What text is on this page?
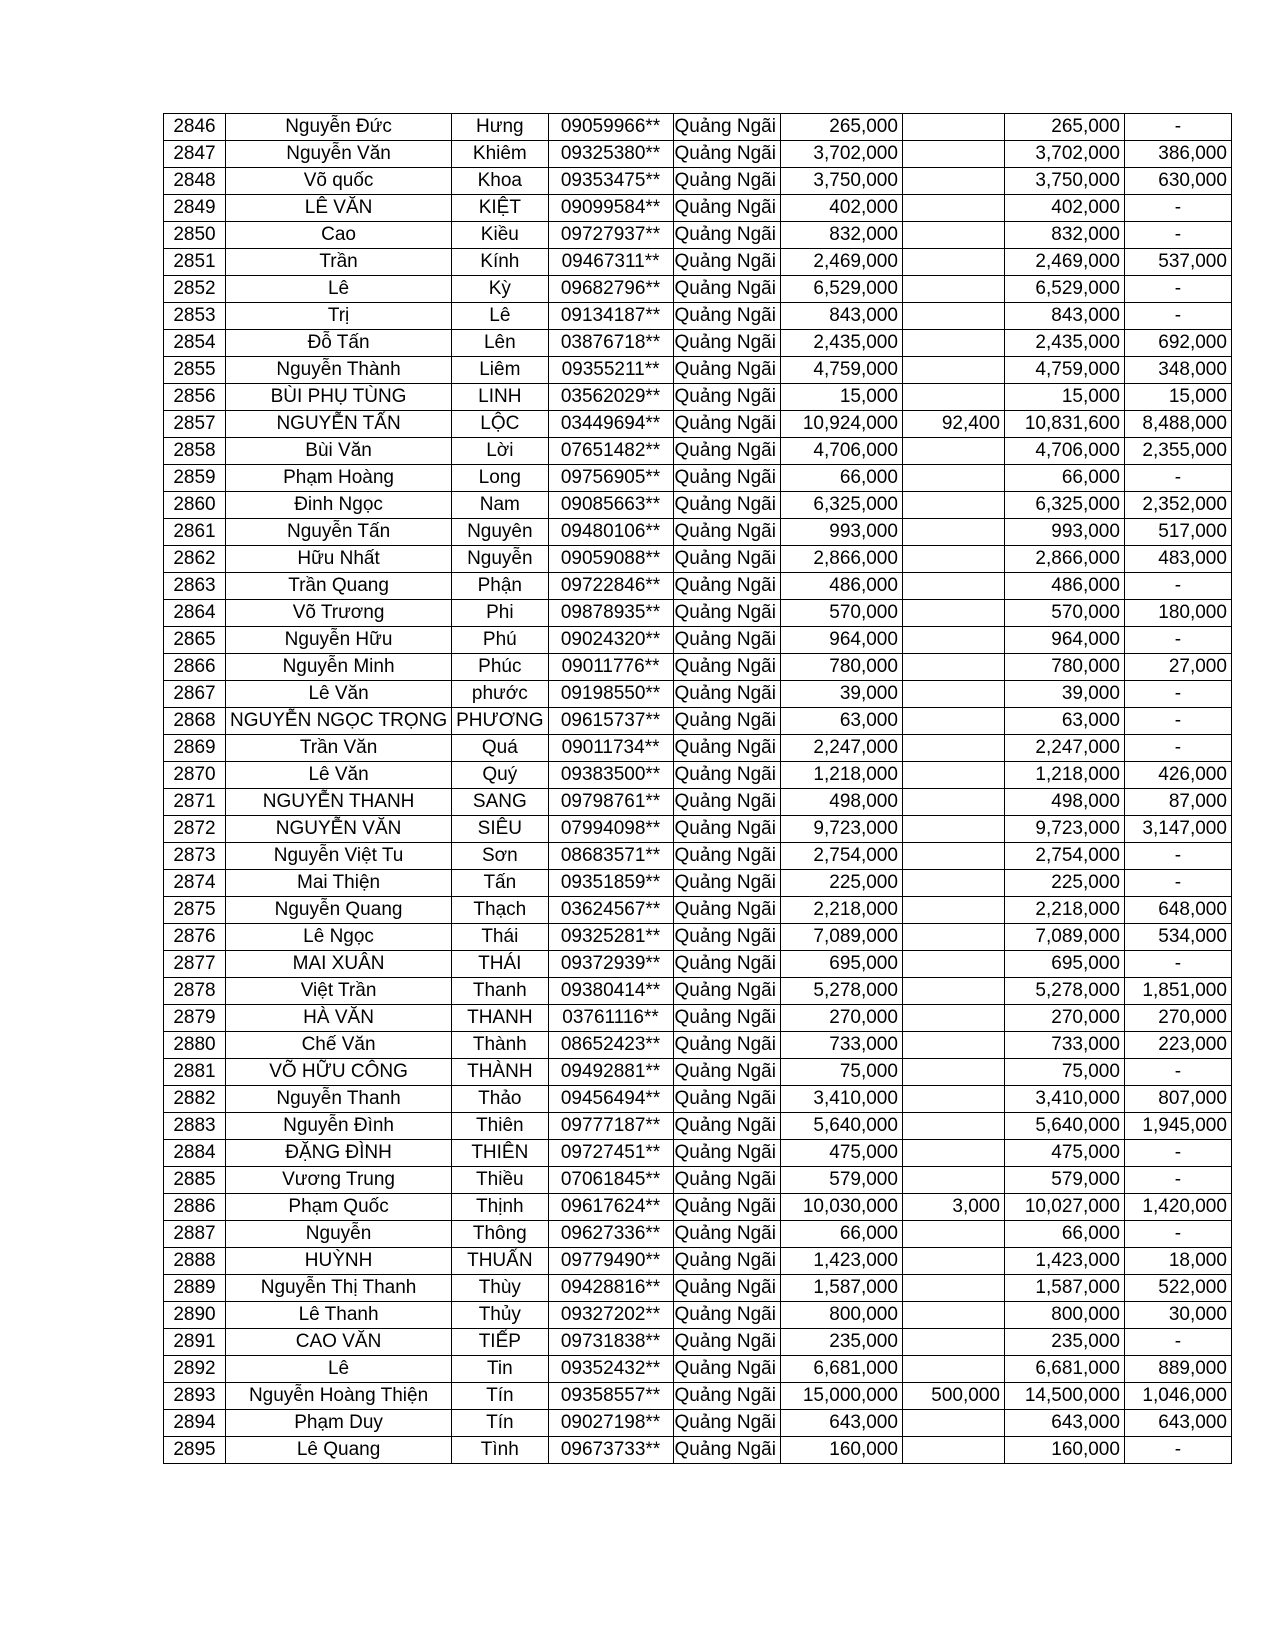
2846	Nguyễn Đức	Hưng	09059966**	Quảng Ngãi	265,000		265,000	-
2847	Nguyễn Văn	Khiêm	09325380**	Quảng Ngãi	3,702,000		3,702,000	386,000
2848	Võ quốc	Khoa	09353475**	Quảng Ngãi	3,750,000		3,750,000	630,000
2849	LÊ VĂN	KIỆT	09099584**	Quảng Ngãi	402,000		402,000	-
2850	Cao	Kiều	09727937**	Quảng Ngãi	832,000		832,000	-
2851	Trần	Kính	09467311**	Quảng Ngãi	2,469,000		2,469,000	537,000
2852	Lê	Kỳ	09682796**	Quảng Ngãi	6,529,000		6,529,000	-
2853	Trị	Lê	09134187**	Quảng Ngãi	843,000		843,000	-
2854	Đỗ Tấn	Lên	03876718**	Quảng Ngãi	2,435,000		2,435,000	692,000
2855	Nguyễn Thành	Liêm	09355211**	Quảng Ngãi	4,759,000		4,759,000	348,000
2856	BÙI PHỤ TÙNG	LINH	03562029**	Quảng Ngãi	15,000		15,000	15,000
2857	NGUYỄN TẤN	LỘC	03449694**	Quảng Ngãi	10,924,000	92,400	10,831,600	8,488,000
2858	Bùi Văn	Lời	07651482**	Quảng Ngãi	4,706,000		4,706,000	2,355,000
2859	Phạm Hoàng	Long	09756905**	Quảng Ngãi	66,000		66,000	-
2860	Đinh Ngọc	Nam	09085663**	Quảng Ngãi	6,325,000		6,325,000	2,352,000
2861	Nguyễn Tấn	Nguyên	09480106**	Quảng Ngãi	993,000		993,000	517,000
2862	Hữu Nhất	Nguyễn	09059088**	Quảng Ngãi	2,866,000		2,866,000	483,000
2863	Trần Quang	Phận	09722846**	Quảng Ngãi	486,000		486,000	-
2864	Võ Trương	Phi	09878935**	Quảng Ngãi	570,000		570,000	180,000
2865	Nguyễn Hữu	Phú	09024320**	Quảng Ngãi	964,000		964,000	-
2866	Nguyễn Minh	Phúc	09011776**	Quảng Ngãi	780,000		780,000	27,000
2867	Lê Văn	phước	09198550**	Quảng Ngãi	39,000		39,000	-
2868	NGUYỄN NGỌC TRỌNG	PHƯƠNG	09615737**	Quảng Ngãi	63,000		63,000	-
2869	Trần Văn	Quá	09011734**	Quảng Ngãi	2,247,000		2,247,000	-
2870	Lê Văn	Quý	09383500**	Quảng Ngãi	1,218,000		1,218,000	426,000
2871	NGUYỄN THANH	SANG	09798761**	Quảng Ngãi	498,000		498,000	87,000
2872	NGUYỄN VĂN	SIÊU	07994098**	Quảng Ngãi	9,723,000		9,723,000	3,147,000
2873	Nguyễn Việt Tu	Sơn	08683571**	Quảng Ngãi	2,754,000		2,754,000	-
2874	Mai Thiện	Tấn	09351859**	Quảng Ngãi	225,000		225,000	-
2875	Nguyễn Quang	Thạch	03624567**	Quảng Ngãi	2,218,000		2,218,000	648,000
2876	Lê Ngọc	Thái	09325281**	Quảng Ngãi	7,089,000		7,089,000	534,000
2877	MAI XUÂN	THÁI	09372939**	Quảng Ngãi	695,000		695,000	-
2878	Việt Trần	Thanh	09380414**	Quảng Ngãi	5,278,000		5,278,000	1,851,000
2879	HÀ VĂN	THANH	03761116**	Quảng Ngãi	270,000		270,000	270,000
2880	Chế Văn	Thành	08652423**	Quảng Ngãi	733,000		733,000	223,000
2881	VÕ HỮU CÔNG	THÀNH	09492881**	Quảng Ngãi	75,000		75,000	-
2882	Nguyễn Thanh	Thảo	09456494**	Quảng Ngãi	3,410,000		3,410,000	807,000
2883	Nguyễn Đình	Thiên	09777187**	Quảng Ngãi	5,640,000		5,640,000	1,945,000
2884	ĐẶNG ĐÌNH	THIÊN	09727451**	Quảng Ngãi	475,000		475,000	-
2885	Vương Trung	Thiều	07061845**	Quảng Ngãi	579,000		579,000	-
2886	Phạm Quốc	Thịnh	09617624**	Quảng Ngãi	10,030,000	3,000	10,027,000	1,420,000
2887	Nguyễn	Thông	09627336**	Quảng Ngãi	66,000		66,000	-
2888	HUỲNH	THUẤN	09779490**	Quảng Ngãi	1,423,000		1,423,000	18,000
2889	Nguyễn Thị Thanh	Thùy	09428816**	Quảng Ngãi	1,587,000		1,587,000	522,000
2890	Lê Thanh	Thủy	09327202**	Quảng Ngãi	800,000		800,000	30,000
2891	CAO VĂN	TIẾP	09731838**	Quảng Ngãi	235,000		235,000	-
2892	Lê	Tin	09352432**	Quảng Ngãi	6,681,000		6,681,000	889,000
2893	Nguyễn Hoàng Thiện	Tín	09358557**	Quảng Ngãi	15,000,000	500,000	14,500,000	1,046,000
2894	Phạm Duy	Tín	09027198**	Quảng Ngãi	643,000		643,000	643,000
2895	Lê Quang	Tình	09673733**	Quảng Ngãi	160,000		160,000	-
